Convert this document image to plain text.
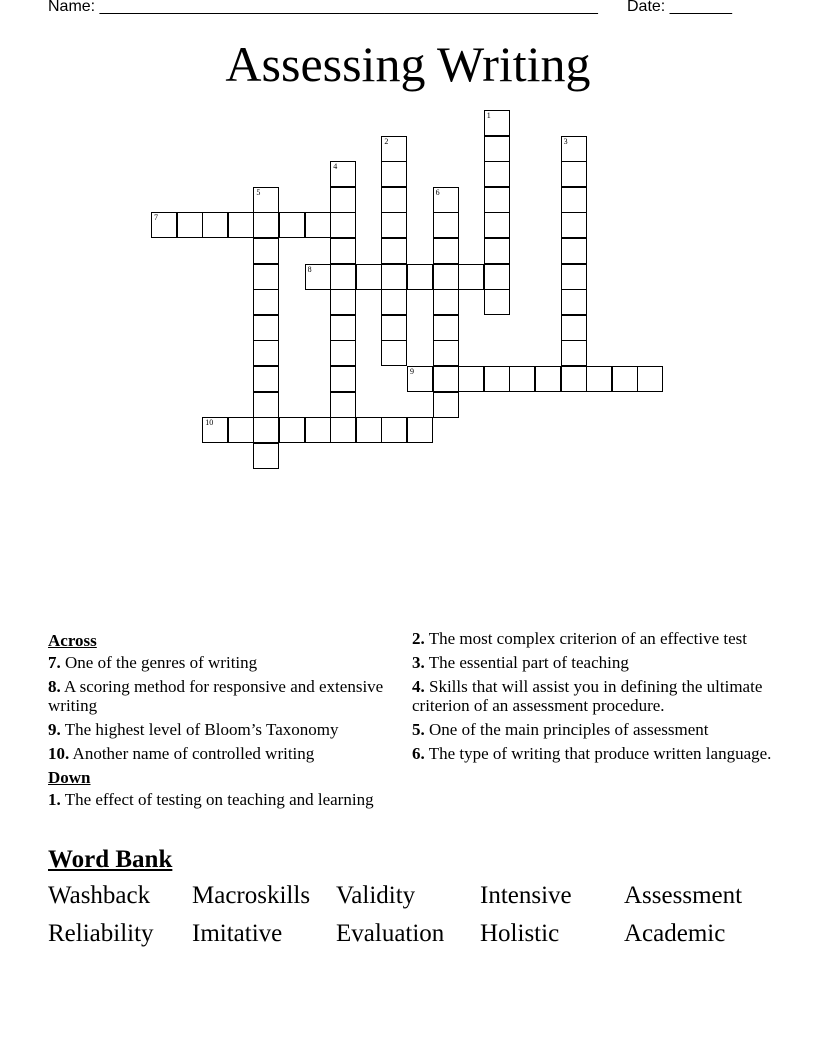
Name: ________________________________________________________ Date: _______
Assessing Writing
1
2	3
4
5	6
7
8
9
10
Across
7. One of the genres of writing
8. A scoring method for responsive and extensive writing
9. The highest level of Bloom’s Taxonomy
10. Another name of controlled writing
Down
1. The effect of testing on teaching and learning
2. The most complex criterion of an effective test
3. The essential part of teaching
4. Skills that will assist you in defining the ultimate criterion of an assessment procedure.
5. One of the main principles of assessment
6. The type of writing that produce written language.
Word Bank
Washback	Macroskills	Validity	Intensive	Assessment
Reliability	Imitative	Evaluation	Holistic	Academic
